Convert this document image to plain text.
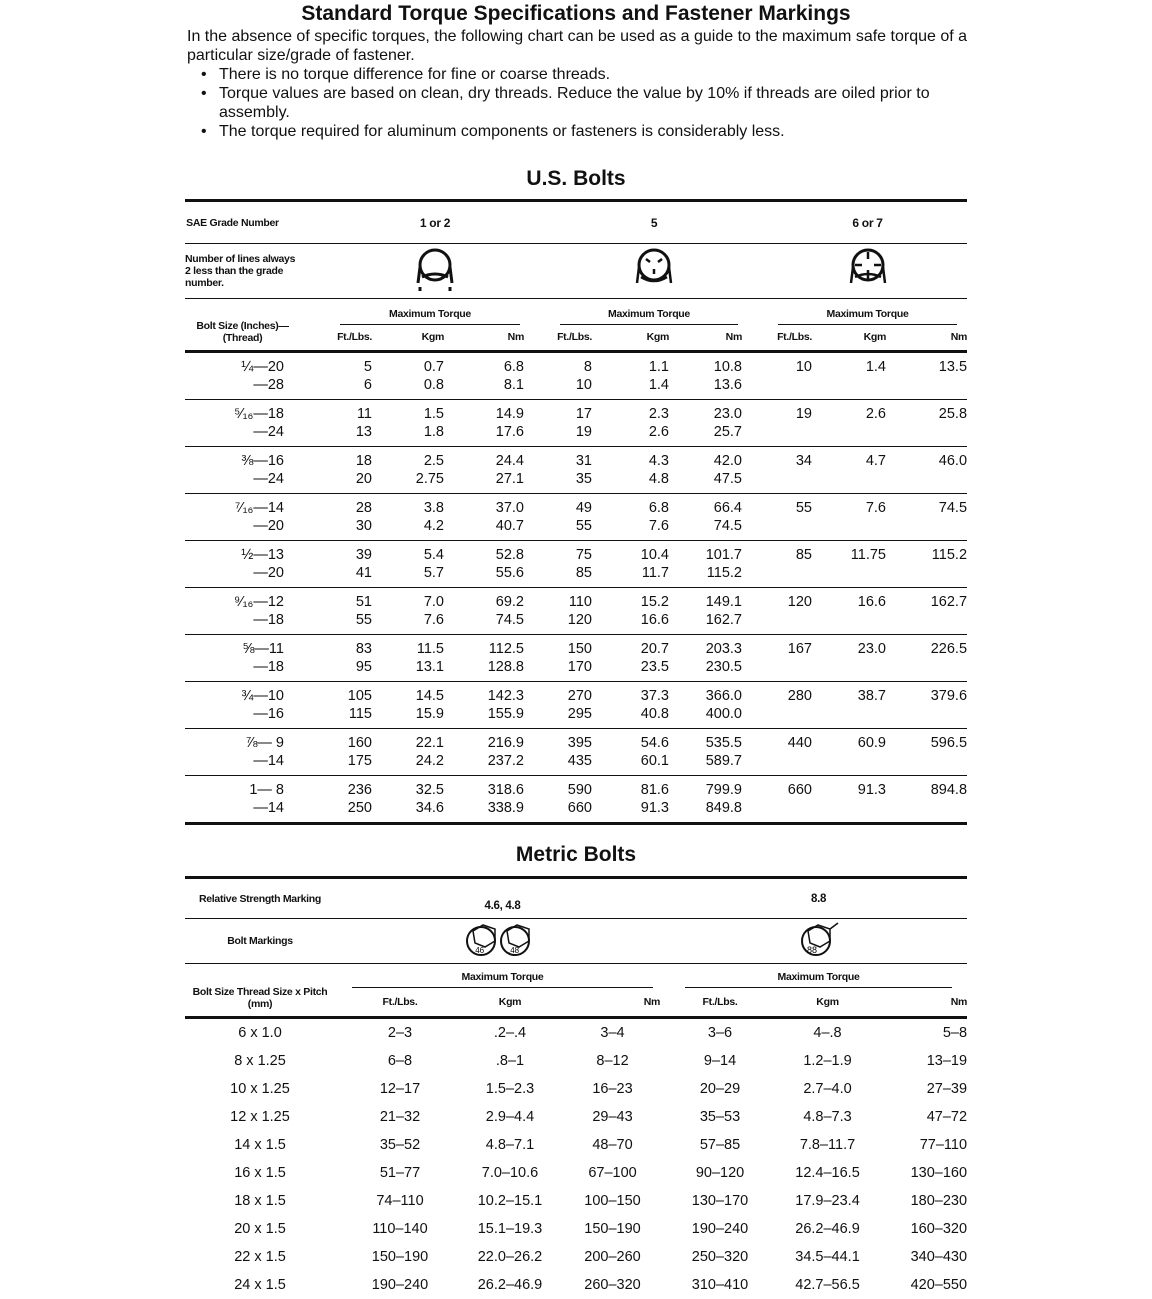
Standard Torque Specifications and Fastener Markings
In the absence of specific torques, the following chart can be used as a guide to the maximum safe torque of a particular size/grade of fastener.
• There is no torque difference for fine or coarse threads.
• Torque values are based on clean, dry threads. Reduce the value by 10% if threads are oiled prior to assembly.
• The torque required for aluminum components or fasteners is considerably less.
U.S. Bolts
SAE Grade Number	1 or 2			5			6 or 7		
Number of lines always 2 less than the grade number.			
Bolt Size (Inches)—(Thread)	Maximum Torque			Maximum Torque			Maximum Torque		
	Ft./Lbs.	Kgm	Nm	Ft./Lbs.	Kgm	Nm	Ft./Lbs.	Kgm	Nm
¼—20	5	0.7	6.8	8	1.1	10.8	10	1.4	13.5
—28	6	0.8	8.1	10	1.4	13.6			
⁵⁄₁₆—18	11	1.5	14.9	17	2.3	23.0	19	2.6	25.8
—24	13	1.8	17.6	19	2.6	25.7			
⅜—16	18	2.5	24.4	31	4.3	42.0	34	4.7	46.0
—24	20	2.75	27.1	35	4.8	47.5			
⁷⁄₁₆—14	28	3.8	37.0	49	6.8	66.4	55	7.6	74.5
—20	30	4.2	40.7	55	7.6	74.5			
½—13	39	5.4	52.8	75	10.4	101.7	85	11.75	115.2
—20	41	5.7	55.6	85	11.7	115.2			
⁹⁄₁₆—12	51	7.0	69.2	110	15.2	149.1	120	16.6	162.7
—18	55	7.6	74.5	120	16.6	162.7			
⅝—11	83	11.5	112.5	150	20.7	203.3	167	23.0	226.5
—18	95	13.1	128.8	170	23.5	230.5			
¾—10	105	14.5	142.3	270	37.3	366.0	280	38.7	379.6
—16	115	15.9	155.9	295	40.8	400.0			
⅞— 9	160	22.1	216.9	395	54.6	535.5	440	60.9	596.5
—14	175	24.2	237.2	435	60.1	589.7			
1— 8	236	32.5	318.6	590	81.6	799.9	660	91.3	894.8
—14	250	34.6	338.9	660	91.3	849.8			
Metric Bolts
Relative Strength Marking	4.6, 4.8			8.8		
Bolt Markings	.46 .48			88		

Bolt Size Thread Size x Pitch (mm)	Maximum Torque			Maximum Torque		
	Ft./Lbs.	Kgm	Nm	Ft./Lbs.	Kgm	Nm
6 x 1.0	2–3	.2–.4	3–4	3–6	4–.8	5–8
8 x 1.25	6–8	.8–1	8–12	9–14	1.2–1.9	13–19
10 x 1.25	12–17	1.5–2.3	16–23	20–29	2.7–4.0	27–39
12 x 1.25	21–32	2.9–4.4	29–43	35–53	4.8–7.3	47–72
14 x 1.5	35–52	4.8–7.1	48–70	57–85	7.8–11.7	77–110
16 x 1.5	51–77	7.0–10.6	67–100	90–120	12.4–16.5	130–160
18 x 1.5	74–110	10.2–15.1	100–150	130–170	17.9–23.4	180–230
20 x 1.5	110–140	15.1–19.3	150–190	190–240	26.2–46.9	160–320
22 x 1.5	150–190	22.0–26.2	200–260	250–320	34.5–44.1	340–430
24 x 1.5	190–240	26.2–46.9	260–320	310–410	42.7–56.5	420–550
